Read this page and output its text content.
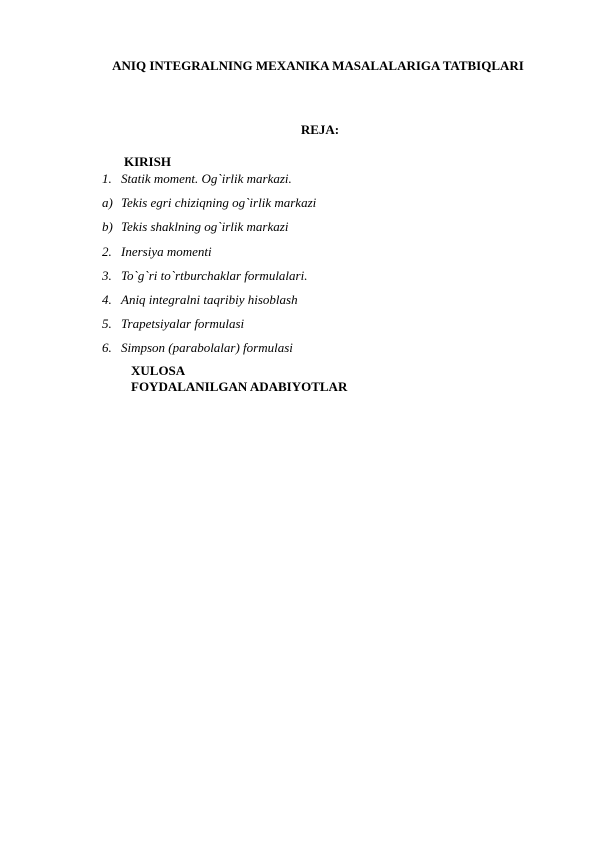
ANIQ INTEGRALNING MEXANIKA MASALALARIGA TATBIQLARI
REJA:

KIRISH

1. Statik moment. Og`irlik markazi.
a) Tekis egri chiziqning og`irlik markazi
b) Tekis shaklning og`irlik markazi
2. Inersiya momenti
3. To`g`ri to`rtburchaklar formulalari.
4. Aniq integralni taqribiy hisoblash
5. Trapetsiyalar formulasi
6. Simpson (parabolalar) formulasi
XULOSA
FOYDALANILGAN ADABIYOTLAR
